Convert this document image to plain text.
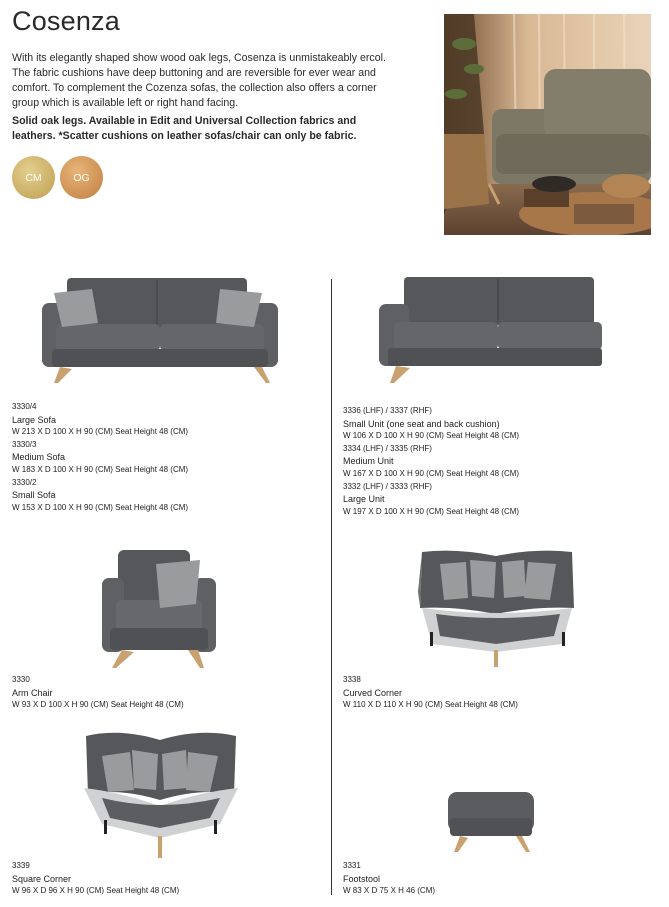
Cosenza
With its elegantly shaped show wood oak legs, Cosenza is unmistakeably ercol. The fabric cushions have deep buttoning and are reversible for ever wear and comfort. To complement the Cozenza sofas, the collection also offers a corner group which is available left or right hand facing.
Solid oak legs. Available in Edit and Universal Collection fabrics and leathers. *Scatter cushions on leather sofas/chair can only be fabric.
CM	OG
3330/4
Large Sofa
W 213 X D 100 X H 90 (CM) Seat Height 48 (CM)
3330/3
Medium Sofa
W 183 X D 100 X H 90 (CM) Seat Height 48 (CM)
3330/2
Small Sofa
W 153 X D 100 X H 90 (CM) Seat Height 48 (CM)
3336 (LHF) / 3337 (RHF)
Small Unit (one seat and back cushion)
W 106 X D 100 X H 90 (CM) Seat Height 48 (CM)
3334 (LHF) / 3335 (RHF)
Medium Unit
W 167 X D 100 X H 90 (CM) Seat Height 48 (CM)
3332 (LHF) / 3333 (RHF)
Large Unit
W 197 X D 100 X H 90 (CM) Seat Height 48 (CM)
3330
Arm Chair
W 93 X D 100 X H 90 (CM) Seat Height 48 (CM)
3338
Curved Corner
W 110 X D 110 X H 90 (CM) Seat Height 48 (CM)
3339
Square Corner
W 96 X D 96 X H 90 (CM) Seat Height 48 (CM)
3331
Footstool
W 83 X D 75 X H 46 (CM)
